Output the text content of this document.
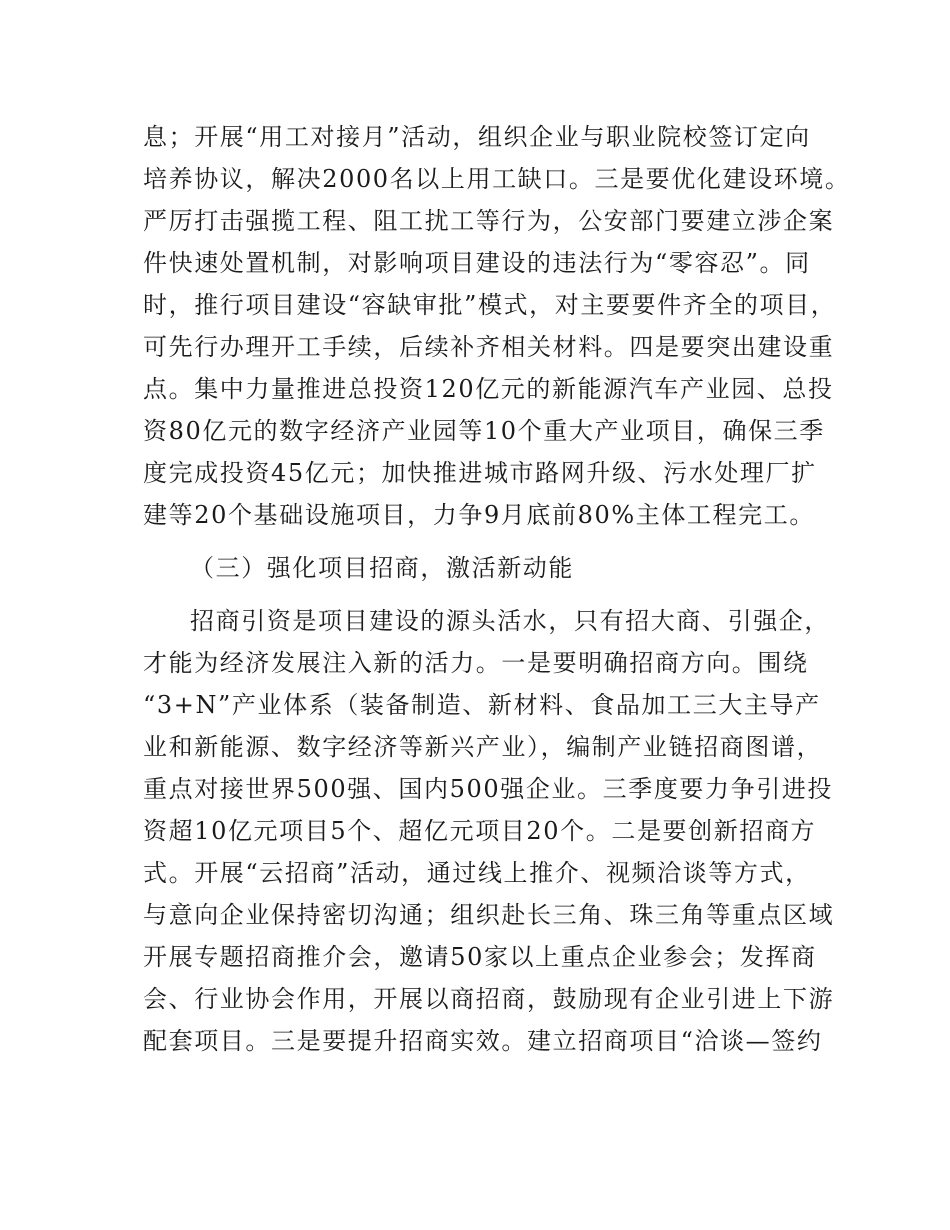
息；开展“用工对接月”活动，组织企业与职业院校签订定向
培养协议，解决2000名以上用工缺口。三是要优化建设环境。
严厉打击强揽工程、阻工扰工等行为，公安部门要建立涉企案
件快速处置机制，对影响项目建设的违法行为“零容忍”。同
时，推行项目建设“容缺审批”模式，对主要要件齐全的项目，
可先行办理开工手续，后续补齐相关材料。四是要突出建设重
点。集中力量推进总投资120亿元的新能源汽车产业园、总投
资80亿元的数字经济产业园等10个重大产业项目，确保三季
度完成投资45亿元；加快推进城市路网升级、污水处理厂扩
建等20个基础设施项目，力争9月底前80%主体工程完工。
（三）强化项目招商，激活新动能
招商引资是项目建设的源头活水，只有招大商、引强企，
才能为经济发展注入新的活力。一是要明确招商方向。围绕
“3+N”产业体系（装备制造、新材料、食品加工三大主导产
业和新能源、数字经济等新兴产业），编制产业链招商图谱，
重点对接世界500强、国内500强企业。三季度要力争引进投
资超10亿元项目5个、超亿元项目20个。二是要创新招商方
式。开展“云招商”活动，通过线上推介、视频洽谈等方式，
与意向企业保持密切沟通；组织赴长三角、珠三角等重点区域
开展专题招商推介会，邀请50家以上重点企业参会；发挥商
会、行业协会作用，开展以商招商，鼓励现有企业引进上下游
配套项目。三是要提升招商实效。建立招商项目“洽谈—签约
